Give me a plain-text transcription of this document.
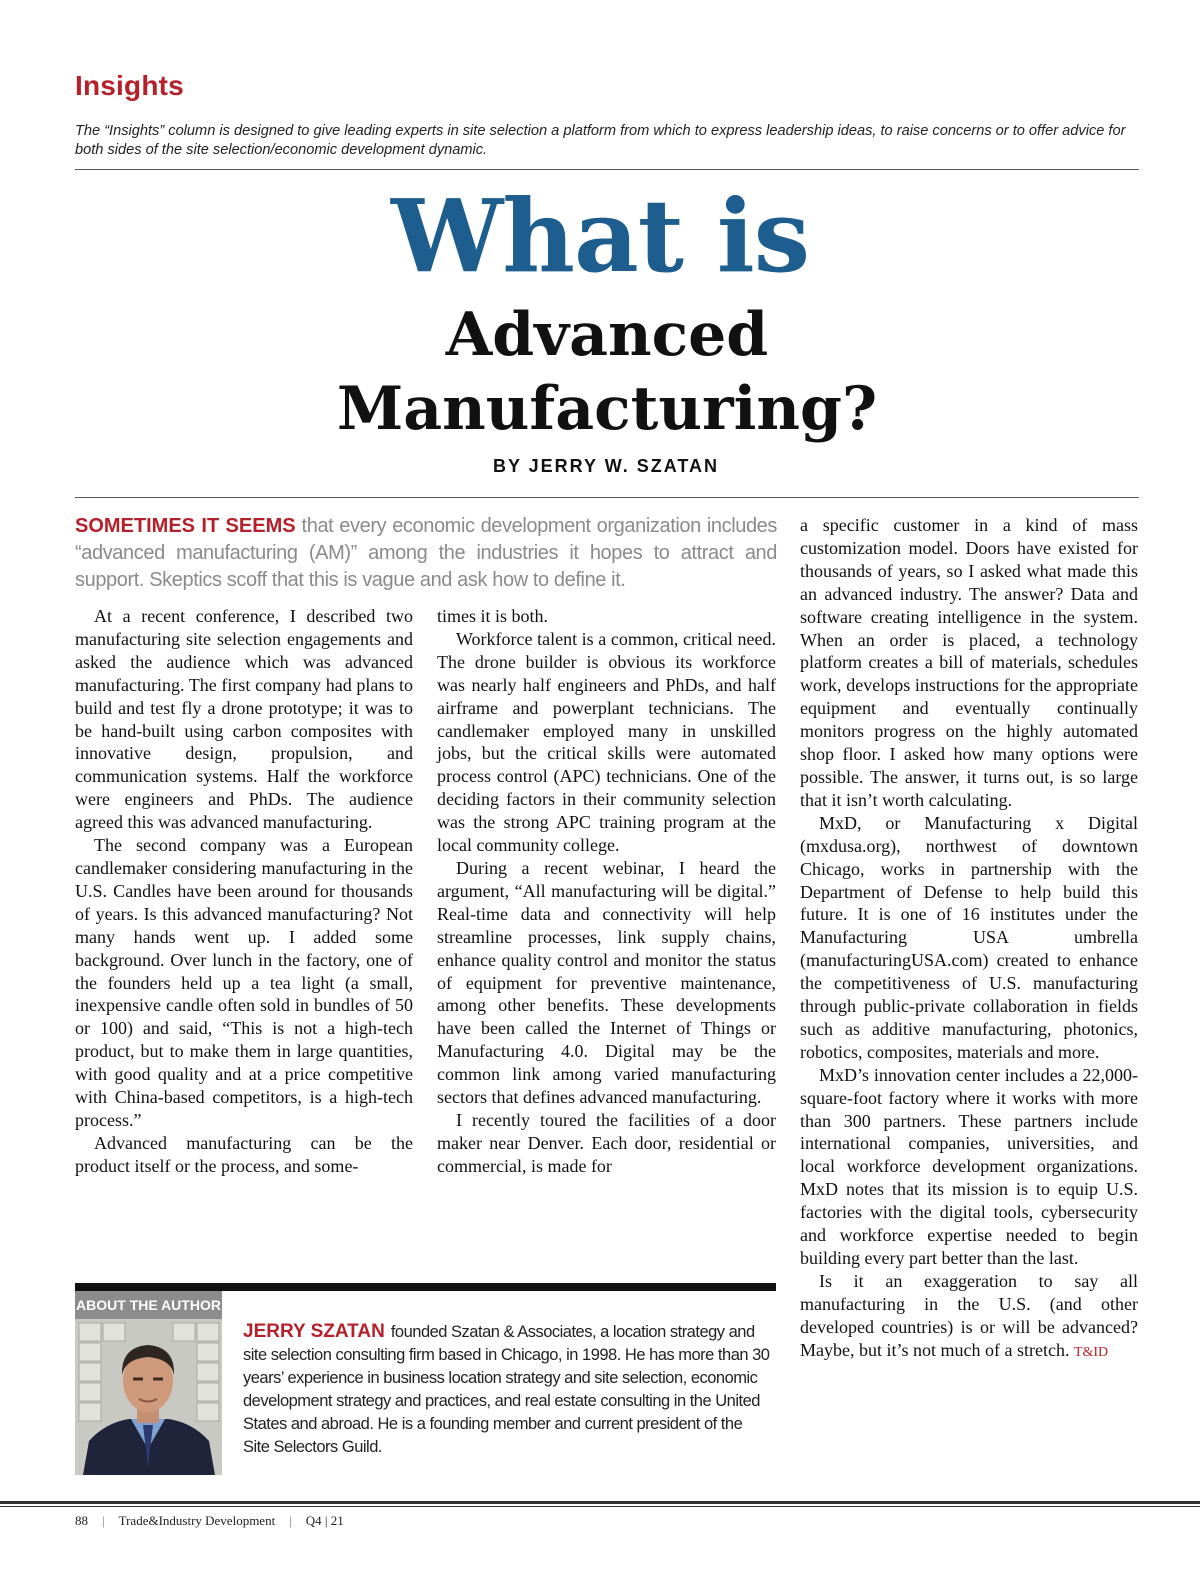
Insights
The “Insights” column is designed to give leading experts in site selection a platform from which to express leadership ideas, to raise concerns or to offer advice for both sides of the site selection/economic development dynamic.
What is
Advanced
Manufacturing?
BY JERRY W. SZATAN
SOMETIMES IT SEEMS that every economic development organization includes “advanced manufacturing (AM)” among the industries it hopes to attract and support. Skeptics scoff that this is vague and ask how to define it.

At a recent conference, I described two manufacturing site selection engagements and asked the audience which was advanced manufacturing. The first company had plans to build and test fly a drone prototype; it was to be hand-built using carbon composites with innovative design, propulsion, and communication systems. Half the workforce were engineers and PhDs. The audience agreed this was advanced manufacturing.

The second company was a European candlemaker considering manufacturing in the U.S. Candles have been around for thousands of years. Is this advanced manufacturing? Not many hands went up. I added some background. Over lunch in the factory, one of the founders held up a tea light (a small, inexpensive candle often sold in bundles of 50 or 100) and said, “This is not a high-tech product, but to make them in large quantities, with good quality and at a price competitive with China-based competitors, is a high-tech process.”

Advanced manufacturing can be the product itself or the process, and some-

times it is both.

Workforce talent is a common, critical need. The drone builder is obvious its workforce was nearly half engineers and PhDs, and half airframe and powerplant technicians. The candlemaker employed many in unskilled jobs, but the critical skills were automated process control (APC) technicians. One of the deciding factors in their community selection was the strong APC training program at the local community college.

During a recent webinar, I heard the argument, “All manufacturing will be digital.” Real-time data and connectivity will help streamline processes, link supply chains, enhance quality control and monitor the status of equipment for preventive maintenance, among other benefits. These developments have been called the Internet of Things or Manufacturing 4.0. Digital may be the common link among varied manufacturing sectors that defines advanced manufacturing.

I recently toured the facilities of a door maker near Denver. Each door, residential or commercial, is made for

a specific customer in a kind of mass customization model. Doors have existed for thousands of years, so I asked what made this an advanced industry. The answer? Data and software creating intelligence in the system. When an order is placed, a technology platform creates a bill of materials, schedules work, develops instructions for the appropriate equipment and eventually continually monitors progress on the highly automated shop floor. I asked how many options were possible. The answer, it turns out, is so large that it isn’t worth calculating.

MxD, or Manufacturing x Digital (mxdusa.org), northwest of downtown Chicago, works in partnership with the Department of Defense to help build this future. It is one of 16 institutes under the Manufacturing USA umbrella (manufacturingUSA.com) created to enhance the competitiveness of U.S. manufacturing through public-private collaboration in fields such as additive manufacturing, photonics, robotics, composites, materials and more.

MxD’s innovation center includes a 22,000-square-foot factory where it works with more than 300 partners. These partners include international companies, universities, and local workforce development organizations. MxD notes that its mission is to equip U.S. factories with the digital tools, cybersecurity and workforce expertise needed to begin building every part better than the last.

Is it an exaggeration to say all manufacturing in the U.S. (and other developed countries) is or will be advanced? Maybe, but it’s not much of a stretch. T&ID

ABOUT THE AUTHOR
JERRY SZATAN founded Szatan & Associates, a location strategy and site selection consulting firm based in Chicago, in 1998. He has more than 30 years’ experience in business location strategy and site selection, economic development strategy and practices, and real estate consulting in the United States and abroad. He is a founding member and current president of the Site Selectors Guild.
88 | Trade&Industry Development | Q4 | 21
